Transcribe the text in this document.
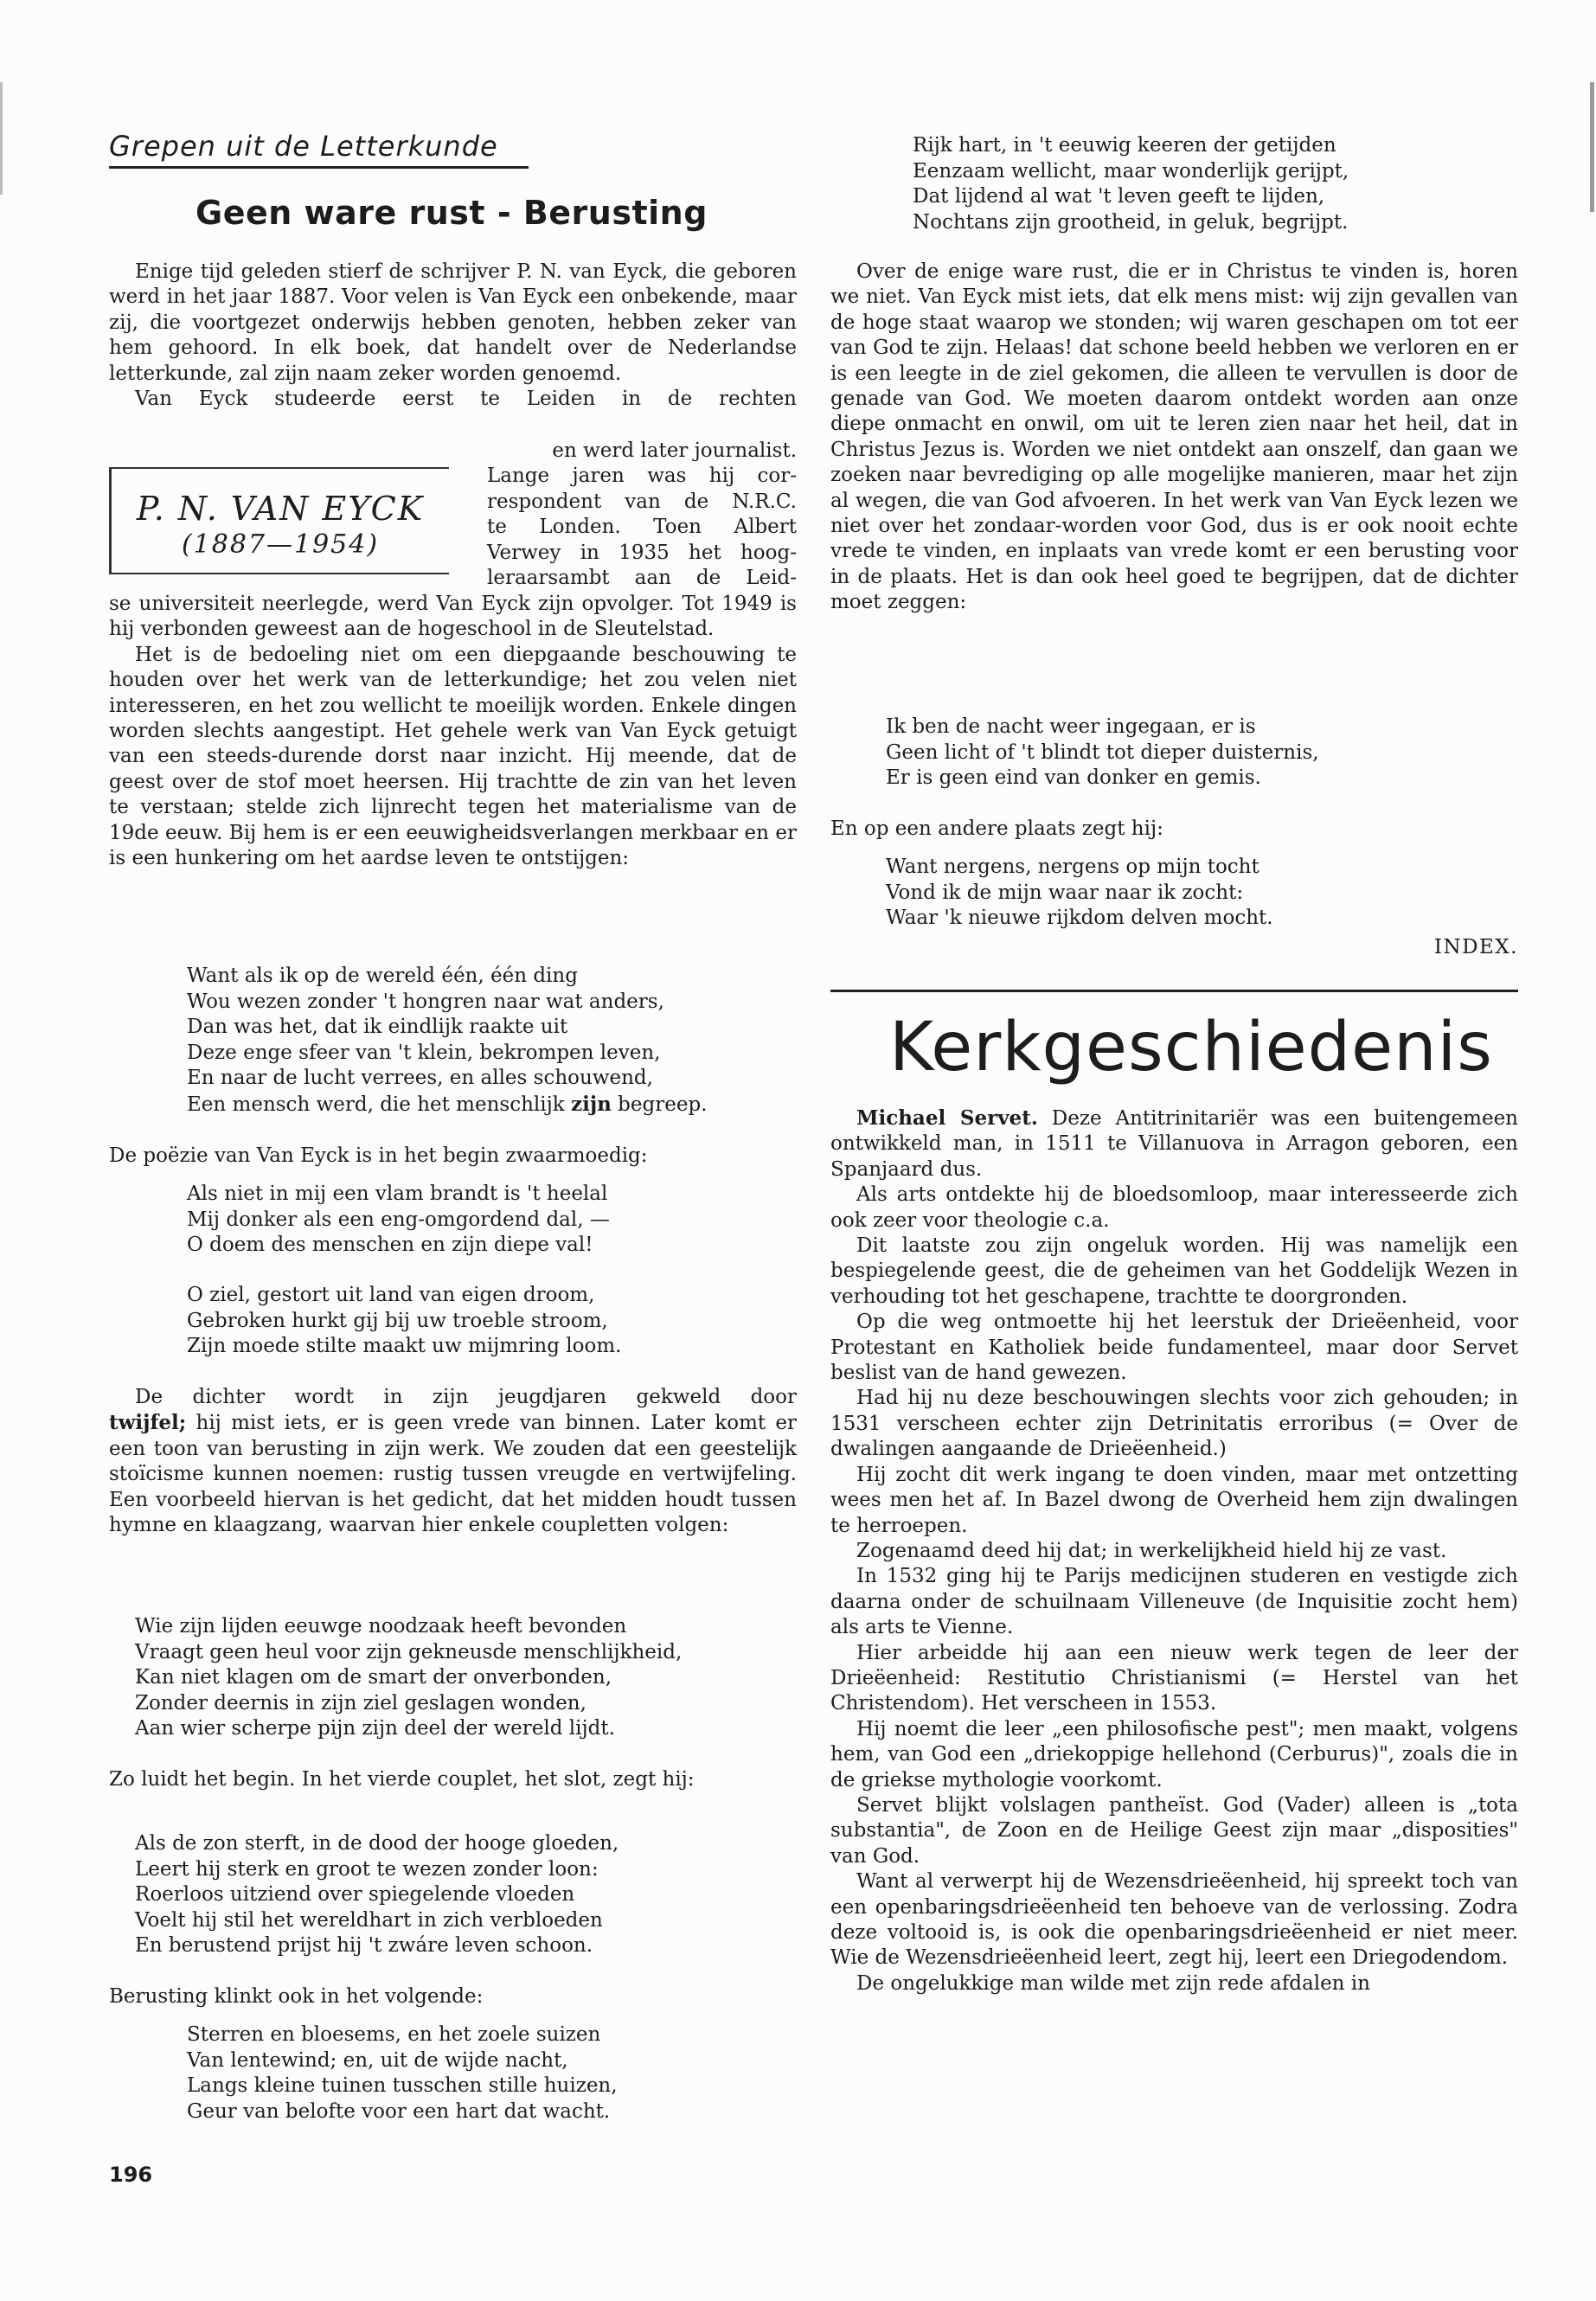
Grepen uit de Letterkunde
Geen ware rust - Berusting

Enige tijd geleden stierf de schrijver P. N. van Eyck, die geboren werd in het jaar 1887. Voor velen is Van Eyck een onbekende, maar zij, die voortgezet onderwijs hebben genoten, hebben zeker van hem gehoord. In elk boek, dat handelt over de Nederlandse letterkunde, zal zijn naam zeker worden genoemd.

Van Eyck studeerde eerst te Leiden in de rechten

P. N. VAN EYCK
(1887—1954)
en werd later journalist.
Lange jaren was hij cor-
respondent van de N.R.C.
te Londen. Toen Albert
Verwey in 1935 het hoog-
leraarsambt aan de Leid-

se universiteit neerlegde, werd Van Eyck zijn opvolger. Tot 1949 is hij verbonden geweest aan de hogeschool in de Sleutelstad.

Het is de bedoeling niet om een diepgaande beschouwing te houden over het werk van de letterkundige; het zou velen niet interesseren, en het zou wellicht te moeilijk worden. Enkele dingen worden slechts aangestipt. Het gehele werk van Van Eyck getuigt van een steeds-durende dorst naar inzicht. Hij meende, dat de geest over de stof moet heersen. Hij trachtte de zin van het leven te verstaan; stelde zich lijnrecht tegen het materialisme van de 19de eeuw. Bij hem is er een eeuwigheidsverlangen merkbaar en er is een hunkering om het aardse leven te ontstijgen:

Want als ik op de wereld één, één ding
Wou wezen zonder 't hongren naar wat anders,
Dan was het, dat ik eindlijk raakte uit
Deze enge sfeer van 't klein, bekrompen leven,
En naar de lucht verrees, en alles schouwend,
Een mensch werd, die het menschlijk zijn begreep.

De poëzie van Van Eyck is in het begin zwaarmoedig:

Als niet in mij een vlam brandt is 't heelal
Mij donker als een eng-omgordend dal, —
O doem des menschen en zijn diepe val!
O ziel, gestort uit land van eigen droom,
Gebroken hurkt gij bij uw troeble stroom,
Zijn moede stilte maakt uw mijmring loom.

De dichter wordt in zijn jeugdjaren gekweld door

twijfel; hij mist iets, er is geen vrede van binnen. Later komt er een toon van berusting in zijn werk. We zouden dat een geestelijk stoïcisme kunnen noemen: rustig tussen vreugde en vertwijfeling. Een voorbeeld hiervan is het gedicht, dat het midden houdt tussen hymne en klaagzang, waarvan hier enkele coupletten volgen:

Wie zijn lijden eeuwge noodzaak heeft bevonden
Vraagt geen heul voor zijn gekneusde menschlijkheid,
Kan niet klagen om de smart der onverbonden,
Zonder deernis in zijn ziel geslagen wonden,
Aan wier scherpe pijn zijn deel der wereld lijdt.

Zo luidt het begin. In het vierde couplet, het slot, zegt hij:

Als de zon sterft, in de dood der hooge gloeden,
Leert hij sterk en groot te wezen zonder loon:
Roerloos uitziend over spiegelende vloeden
Voelt hij stil het wereldhart in zich verbloeden
En berustend prijst hij 't zwáre leven schoon.

Berusting klinkt ook in het volgende:

Sterren en bloesems, en het zoele suizen
Van lentewind; en, uit de wijde nacht,
Langs kleine tuinen tusschen stille huizen,
Geur van belofte voor een hart dat wacht.
196
Rijk hart, in 't eeuwig keeren der getijden
Eenzaam wellicht, maar wonderlijk gerijpt,
Dat lijdend al wat 't leven geeft te lijden,
Nochtans zijn grootheid, in geluk, begrijpt.

Over de enige ware rust, die er in Christus te vinden is, horen we niet. Van Eyck mist iets, dat elk mens mist: wij zijn gevallen van de hoge staat waarop we stonden; wij waren geschapen om tot eer van God te zijn. Helaas! dat schone beeld hebben we verloren en er is een leegte in de ziel gekomen, die alleen te vervullen is door de genade van God. We moeten daarom ontdekt worden aan onze diepe onmacht en onwil, om uit te leren zien naar het heil, dat in Christus Jezus is. Worden we niet ontdekt aan onszelf, dan gaan we zoeken naar bevrediging op alle mogelijke manieren, maar het zijn al wegen, die van God afvoeren. In het werk van Van Eyck lezen we niet over het zondaar-worden voor God, dus is er ook nooit echte vrede te vinden, en inplaats van vrede komt er een berusting voor in de plaats. Het is dan ook heel goed te begrijpen, dat de dichter moet zeggen:

Ik ben de nacht weer ingegaan, er is
Geen licht of 't blindt tot dieper duisternis,
Er is geen eind van donker en gemis.

En op een andere plaats zegt hij:

Want nergens, nergens op mijn tocht
Vond ik de mijn waar naar ik zocht:
Waar 'k nieuwe rijkdom delven mocht.
INDEX.
Kerkgeschiedenis

Michael Servet. Deze Antitrinitariër was een buitengemeen ontwikkeld man, in 1511 te Villanuova in Arragon geboren, een Spanjaard dus.

Als arts ontdekte hij de bloedsomloop, maar interesseerde zich ook zeer voor theologie c.a.

Dit laatste zou zijn ongeluk worden. Hij was namelijk een bespiegelende geest, die de geheimen van het Goddelijk Wezen in verhouding tot het geschapene, trachtte te doorgronden.

Op die weg ontmoette hij het leerstuk der Drieëenheid, voor Protestant en Katholiek beide fundamenteel, maar door Servet beslist van de hand gewezen.

Had hij nu deze beschouwingen slechts voor zich gehouden; in 1531 verscheen echter zijn Detrinitatis erroribus (= Over de dwalingen aangaande de Drieëenheid.)

Hij zocht dit werk ingang te doen vinden, maar met ontzetting wees men het af. In Bazel dwong de Overheid hem zijn dwalingen te herroepen.

Zogenaamd deed hij dat; in werkelijkheid hield hij ze vast.

In 1532 ging hij te Parijs medicijnen studeren en vestigde zich daarna onder de schuilnaam Villeneuve (de Inquisitie zocht hem) als arts te Vienne.

Hier arbeidde hij aan een nieuw werk tegen de leer der Drieëenheid: Restitutio Christianismi (= Herstel van het Christendom). Het verscheen in 1553.

Hij noemt die leer „een philosofische pest"; men maakt, volgens hem, van God een „driekoppige hellehond (Cerburus)", zoals die in de griekse mythologie voorkomt.

Servet blijkt volslagen pantheïst. God (Vader) alleen is „tota substantia", de Zoon en de Heilige Geest zijn maar „disposities" van God.

Want al verwerpt hij de Wezensdrieëenheid, hij spreekt toch van een openbaringsdrieëenheid ten behoeve van de verlossing. Zodra deze voltooid is, is ook die openbaringsdrieëenheid er niet meer. Wie de Wezensdrieëenheid leert, zegt hij, leert een Driegodendom.

De ongelukkige man wilde met zijn rede afdalen in
